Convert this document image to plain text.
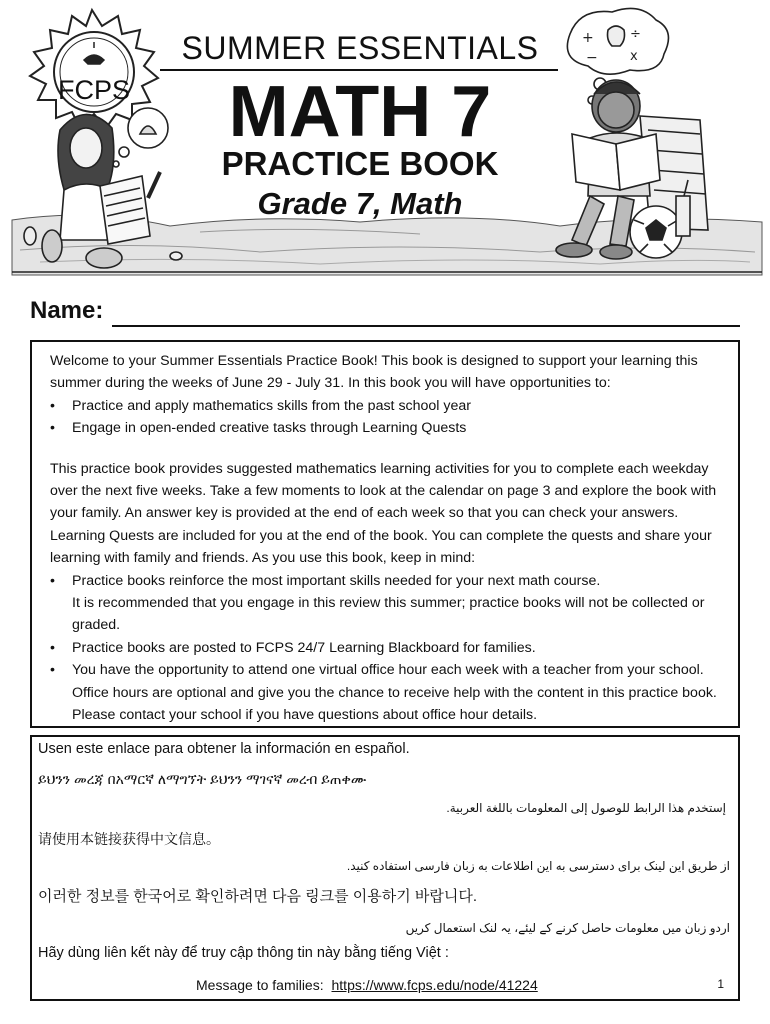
FCPS
+
−
÷
x
SUMMER ESSENTIALS
MATH 7
PRACTICE BOOK
Grade 7, Math
Name:

Welcome to your Summer Essentials Practice Book! This book is designed to support your learning this summer during the weeks of June 29 - July 31. In this book you will have opportunities to:

• Practice and apply mathematics skills from the past school year
• Engage in open-ended creative tasks through Learning Quests

This practice book provides suggested mathematics learning activities for you to complete each weekday over the next five weeks. Take a few moments to look at the calendar on page 3 and explore the book with your family. An answer key is provided at the end of each week so that you can check your answers. Learning Quests are included for you at the end of the book. You can complete the quests and share your learning with family and friends. As you use this book, keep in mind:

• Practice books reinforce the most important skills needed for your next math course.
It is recommended that you engage in this review this summer; practice books will not be collected or graded.
• Practice books are posted to FCPS 24/7 Learning Blackboard for families.
• You have the opportunity to attend one virtual office hour each week with a teacher from your school. Office hours are optional and give you the chance to receive help with the content in this practice book. Please contact your school if you have questions about office hour details.
Usen este enlace para obtener la información en español.
ይህንን መረጃ በአማርኛ ለማግኘት ይህንን ማገናኛ መረብ ይጠቀሙ
إستخدم هذا الرابط للوصول إلى المعلومات باللغة العربية.
请使用本链接获得中文信息。
از طریق این لینک برای دسترسی به این اطلاعات به زبان فارسی استفاده کنید.
이러한 정보를 한국어로 확인하려면 다음 링크를 이용하기 바랍니다.
اردو زبان میں معلومات حاصل کرنے کے لیئے، یہ لنک استعمال کریں
Hãy dùng liên kết này để truy cập thông tin này bằng tiếng Việt :
Message to families: https://www.fcps.edu/node/41224	1
